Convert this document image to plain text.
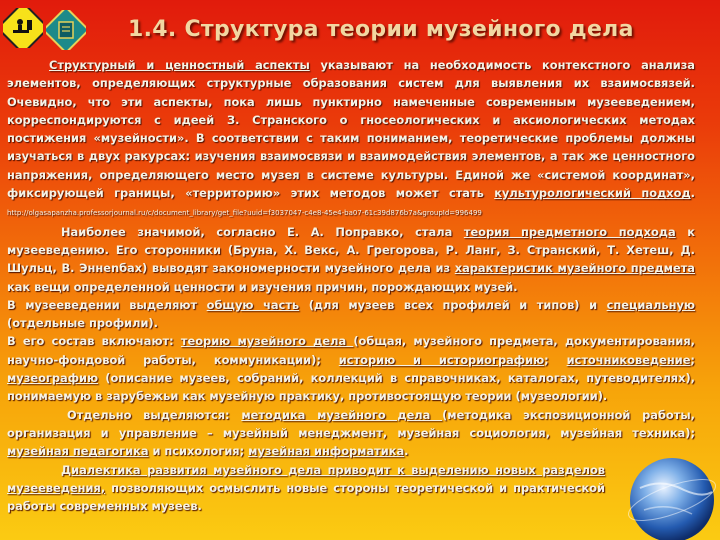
1.4. Структура теории музейного дела

Структурный и ценностный аспекты указывают на необходимость контекстного анализа элементов, определяющих структурные образования систем для выявления их взаимосвязей. Очевидно, что эти аспекты, пока лишь пунктирно намеченные современным музееведением, корреспондируются с идеей З. Странского о гносеологических и аксиологических методах постижения «музейности». В соответствии с таким пониманием, теоретические проблемы должны изучаться в двух ракурсах: изучения взаимосвязи и взаимодействия элементов, а так же ценностного напряжения, определяющего место музея в системе культуры. Единой же «системой координат», фиксирующей границы, «территорию» этих методов может стать культурологический подход. http://olgasapanzha.professorjournal.ru/c/document_library/get_file?uuid=f3037047-c4e8-45e4-ba07-61c39d876b7a&groupId=996499

Наиболее значимой, согласно Е. А. Поправко, стала теория предметного подхода к музееведению. Его сторонники (Бруна, Х. Векс, А. Грегорова, Р. Ланг, З. Странский, Т. Хетеш, Д. Шульц, В. Эннenбах) выводят закономерности музейного дела из характеристик музейного предмета как вещи определенной ценности и изучения причин, порождающих музей.

В музееведении выделяют общую часть (для музеев всех профилей и типов) и специальную (отдельные профили).

В его состав включают: теорию музейного дела (общая, музейного предмета, документирования, научно-фондовой работы, коммуникации); историю и историографию; источниковедение; музеографию (описание музеев, собраний, коллекций в справочниках, каталогах, путеводителях), понимаемую в зарубежьи как музейную практику, противостоящую теории (музеологии).

Отдельно выделяются: методика музейного дела (методика экспозиционной работы, организация и управление – музейный менеджмент, музейная социология, музейная техника); музейная педагогика и психология; музейная информатика.

Диалектика развития музейного дела приводит к выделению новых разделов музееведения, позволяющих осмыслить новые стороны теоретической и практической работы современных музеев.
